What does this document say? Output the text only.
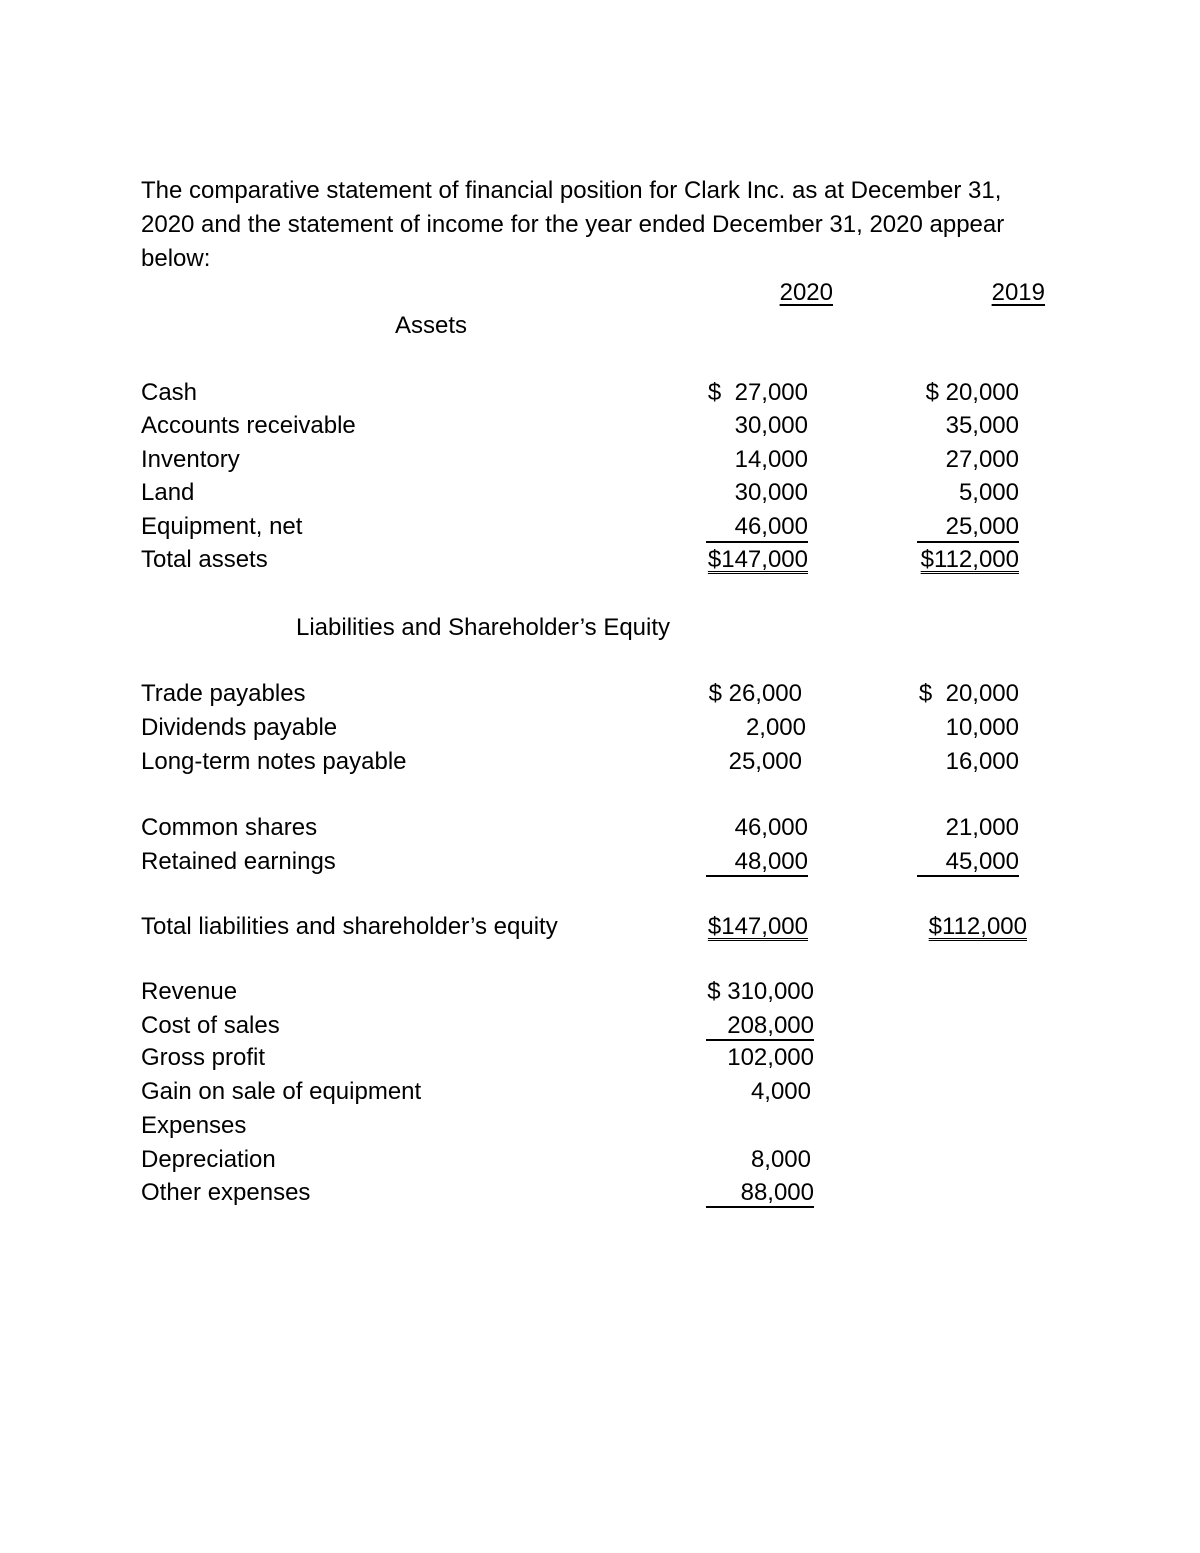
The comparative statement of financial position for Clark Inc. as at December 31,
2020 and the statement of income for the year ended December 31, 2020 appear
below:
2020	2019
Assets
Cash	$  27,000	$ 20,000
Accounts receivable	30,000	35,000
Inventory	14,000	27,000
Land	30,000	5,000
Equipment, net	46,000	25,000
Total assets	$147,000	$112,000
Liabilities and Shareholder’s Equity
Trade payables	$ 26,000	$  20,000
Dividends payable	2,000	10,000
Long-term notes payable	25,000	16,000
Common shares	46,000	21,000
Retained earnings	48,000	45,000
Total liabilities and shareholder’s equity	$147,000	$112,000
Revenue	$ 310,000
Cost of sales	208,000
Gross profit	102,000
Gain on sale of equipment	4,000
Expenses
Depreciation	8,000
Other expenses	88,000
